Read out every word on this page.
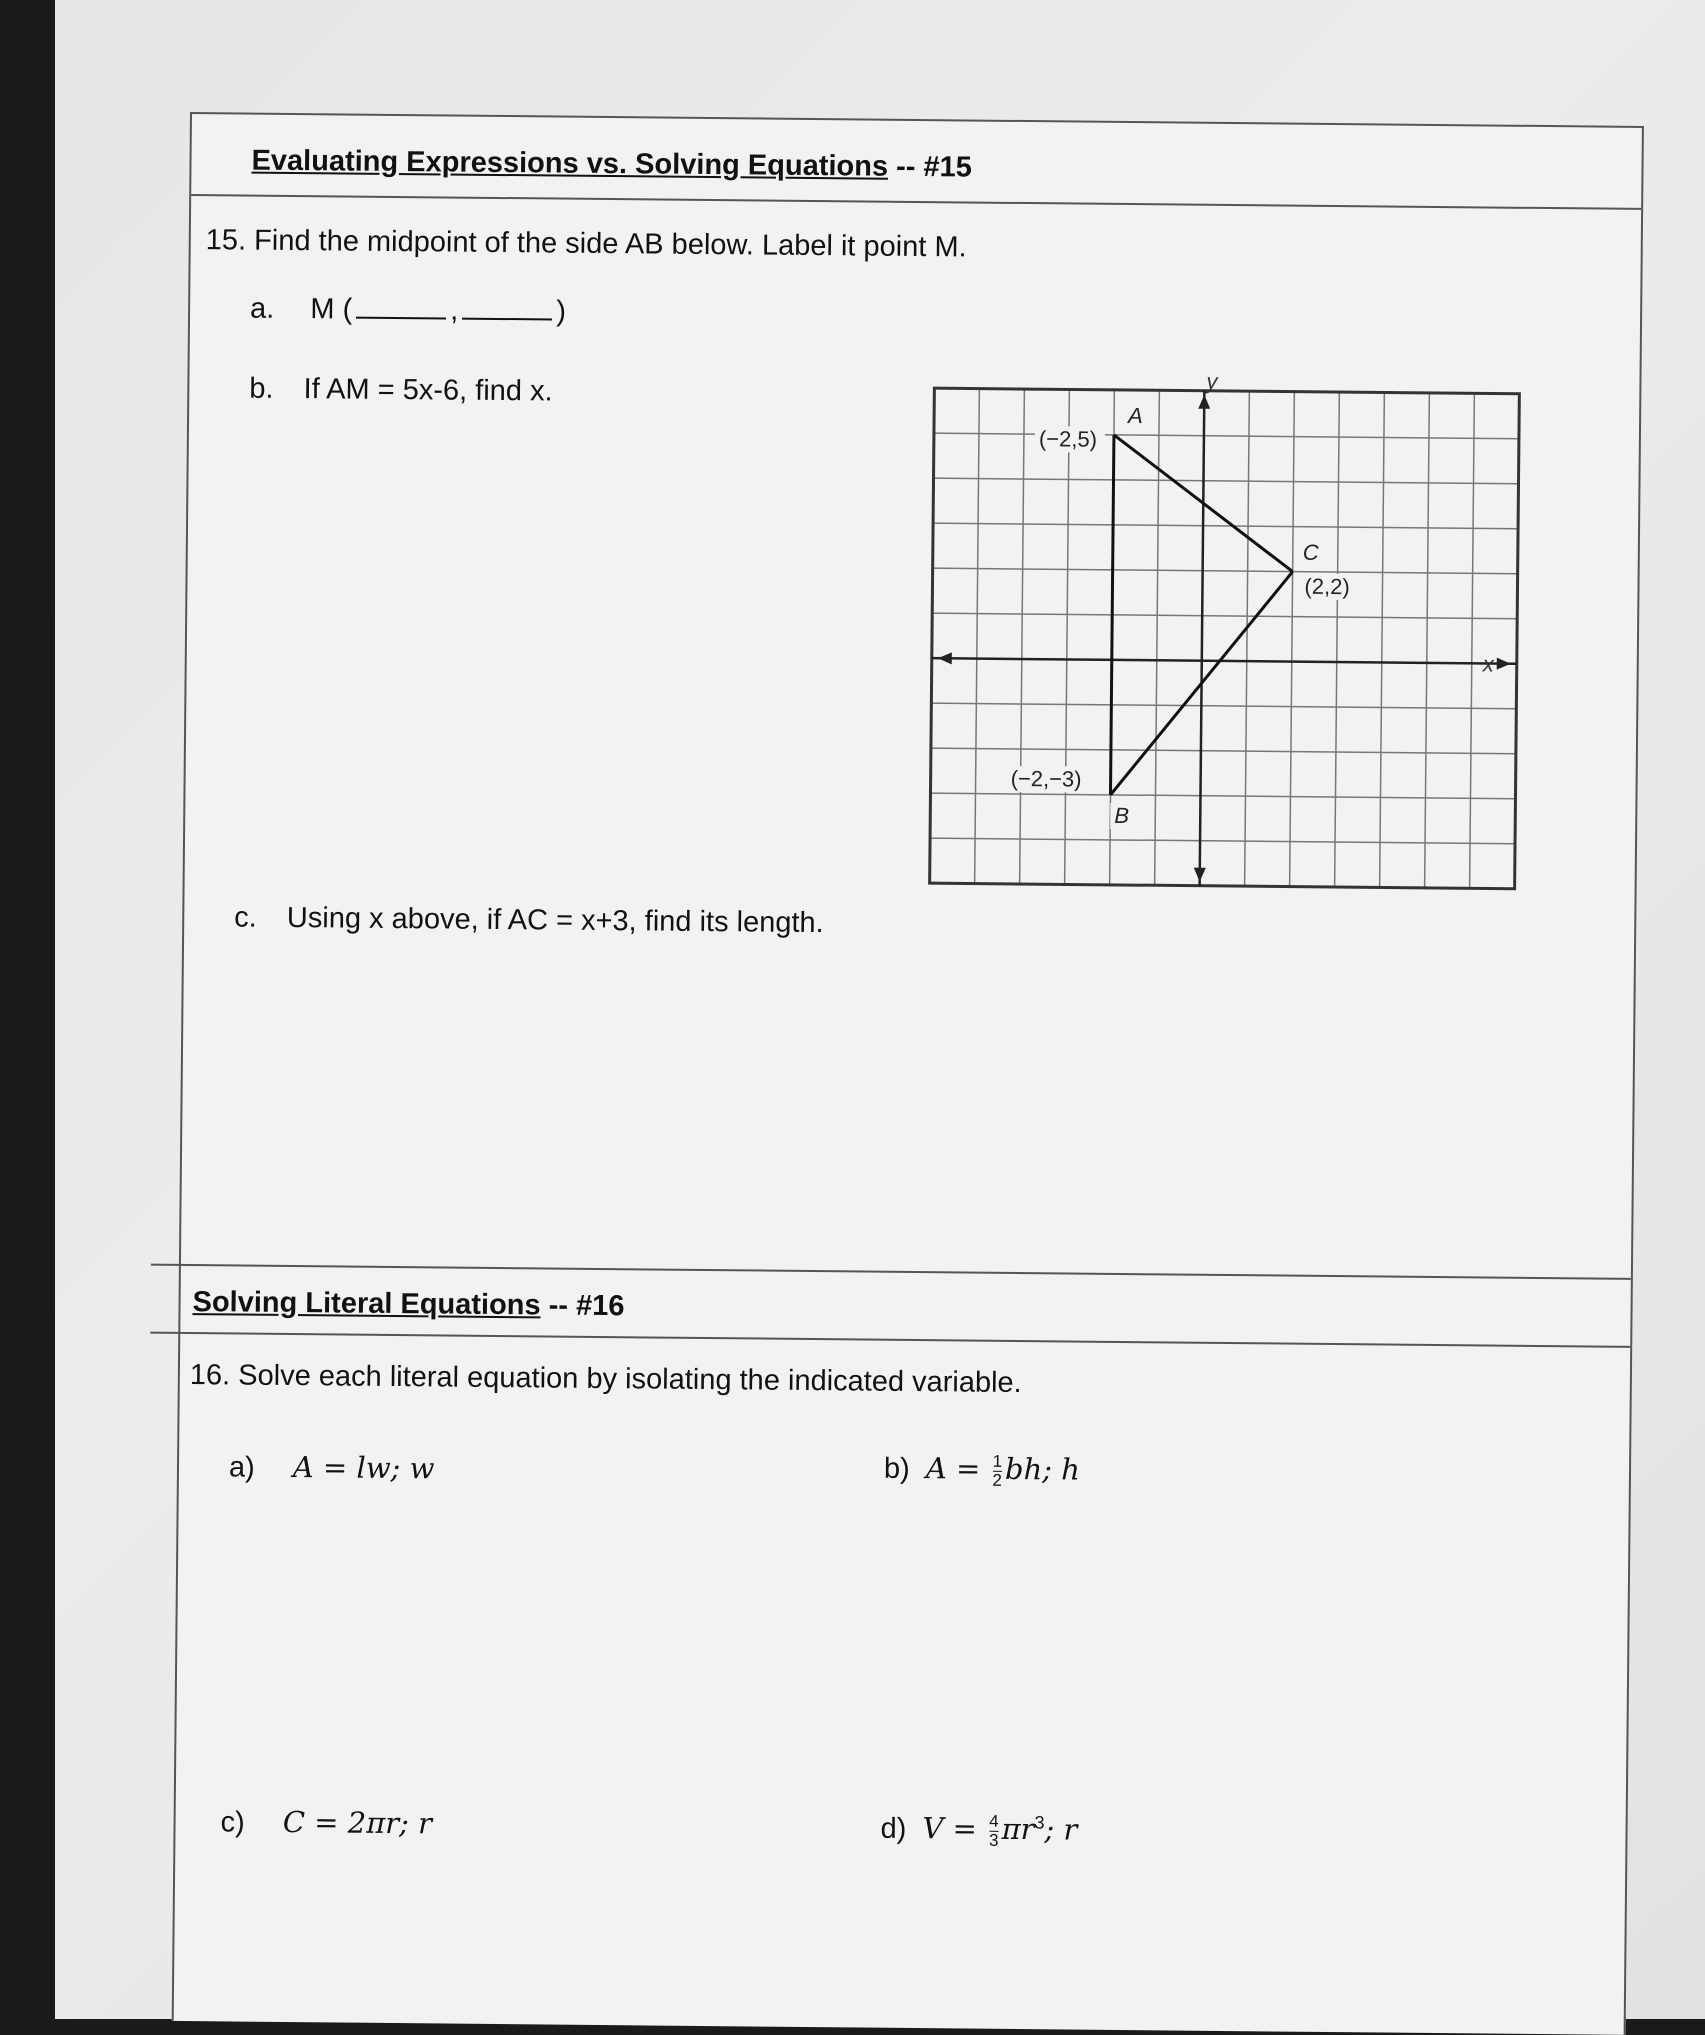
Evaluating Expressions vs. Solving Equations -- #15
15. Find the midpoint of the side AB below. Label it point M.
a. M (	,	)
b. If AM = 5x-6, find x.
x
y
A
(−2,5)
C
(2,2)
B
(−2,−3)
c. Using x above, if AC = x+3, find its length.
Solving Literal Equations -- #16
16. Solve each literal equation by isolating the indicated variable.
a) A = lw; w	b) $A = \frac{1}{2}$ bh; h
c) C = 2πr; r	d) $V = \frac{4}{3} \pi r^3$; r
